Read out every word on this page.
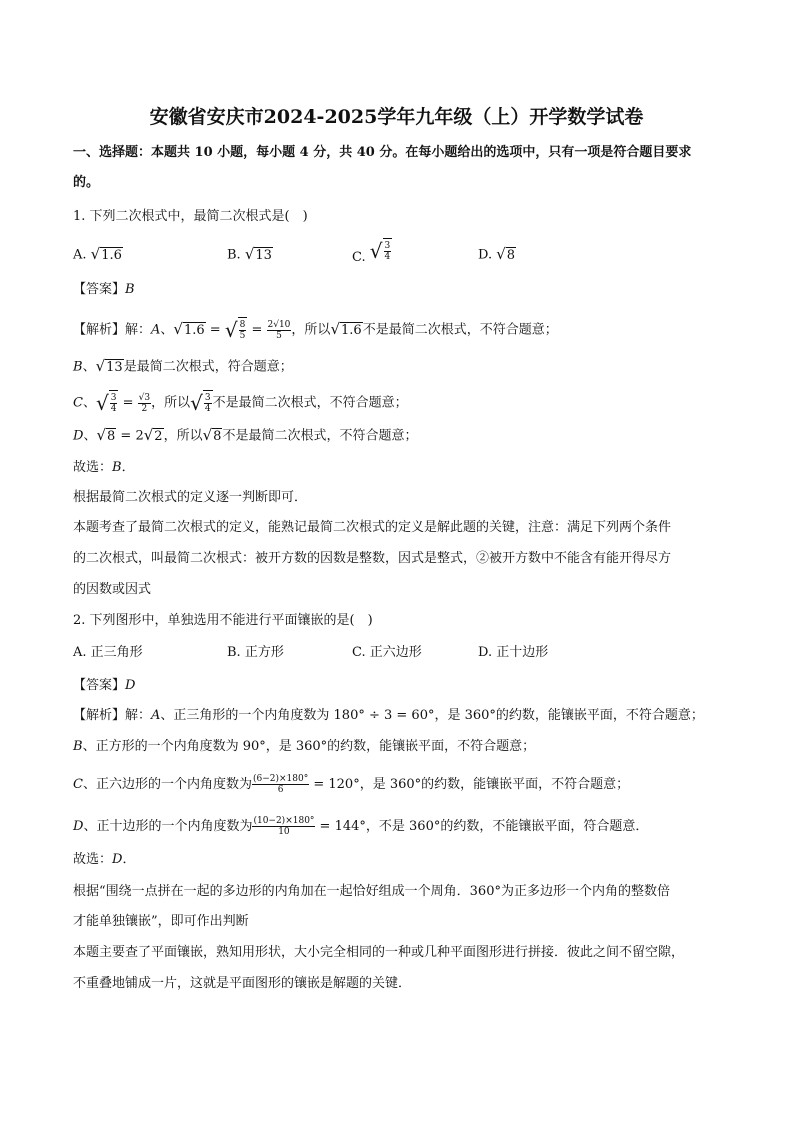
安徽省安庆市2024-2025学年九年级（上）开学数学试卷
一、选择题：本题共 10 小题，每小题 4 分，共 40 分。在每小题给出的选项中，只有一项是符合题目要求
的。
1. 下列二次根式中，最简二次根式是(　)
A. √1.6	B. √13	C. √ $\frac{3}{4}$	D. √8
【答案】B
【解析】解：A、√1.6 = √ $\frac{8}{5} = \frac{2√10}{5}$ ，所以√1.6不是最简二次根式，不符合题意；
B、√13是最简二次根式，符合题意；
C、 √ $\frac{3}{4} = \frac{√3}{2}$ ，所以 √ $\frac{3}{4}$ 不是最简二次根式，不符合题意；
D、√8 = 2√2，所以√8不是最简二次根式，不符合题意；
故选：B．
根据最简二次根式的定义逐一判断即可．
本题考查了最简二次根式的定义，能熟记最简二次根式的定义是解此题的关键，注意：满足下列两个条件
的二次根式，叫最简二次根式：被开方数的因数是整数，因式是整式，②被开方数中不能含有能开得尽方
的因数或因式
2. 下列图形中，单独选用不能进行平面镶嵌的是(　)
A. 正三角形	B. 正方形	C. 正六边形	D. 正十边形
【答案】D
【解析】解：A、正三角形的一个内角度数为 180° ÷ 3 = 60°，是 360°的约数，能镶嵌平面，不符合题意；
B、正方形的一个内角度数为 90°，是 360°的约数，能镶嵌平面，不符合题意；
C、正六边形的一个内角度数为 $\frac{(6-2)\times 180^\circ}{6} = 120^\circ$，是 360°的约数，能镶嵌平面，不符合题意；
D、正十边形的一个内角度数为 $\frac{(10-2)\times 180^\circ}{10} = 144^\circ$，不是 360°的约数，不能镶嵌平面，符合题意．
故选：D．
根据“围绕一点拼在一起的多边形的内角加在一起恰好组成一个周角．360°为正多边形一个内角的整数倍
才能单独镶嵌”，即可作出判断
本题主要查了平面镶嵌，熟知用形状，大小完全相同的一种或几种平面图形进行拼接．彼此之间不留空隙，
不重叠地铺成一片，这就是平面图形的镶嵌是解题的关键．
